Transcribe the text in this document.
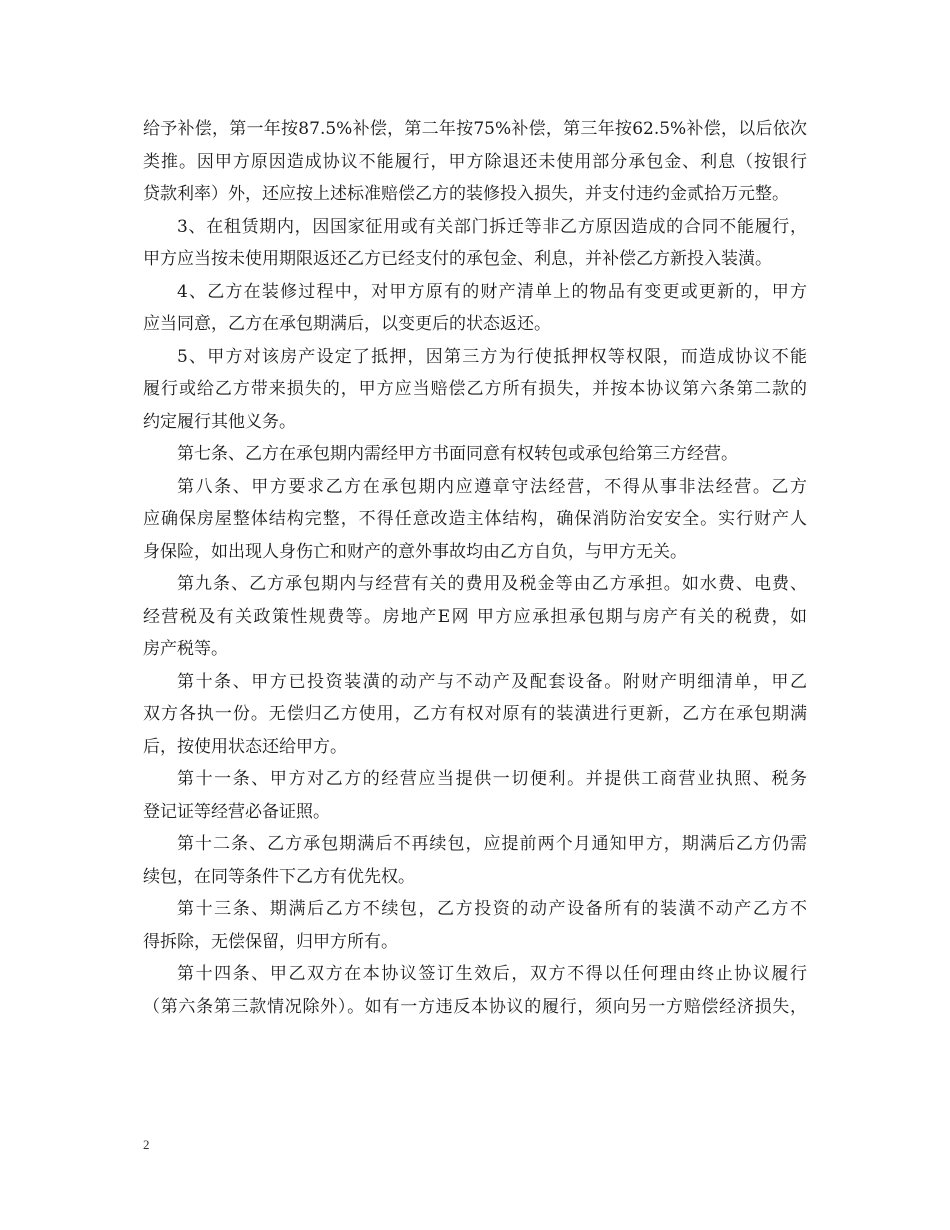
给予补偿，第一年按87.5%补偿，第二年按75%补偿，第三年按62.5%补偿，以后依次
类推。因甲方原因造成协议不能履行，甲方除退还未使用部分承包金、利息（按银行
贷款利率）外，还应按上述标准赔偿乙方的装修投入损失，并支付违约金贰拾万元整。
3、在租赁期内，因国家征用或有关部门拆迁等非乙方原因造成的合同不能履行，
甲方应当按未使用期限返还乙方已经支付的承包金、利息，并补偿乙方新投入装潢。
4、乙方在装修过程中，对甲方原有的财产清单上的物品有变更或更新的，甲方
应当同意，乙方在承包期满后，以变更后的状态返还。
5、甲方对该房产设定了抵押，因第三方为行使抵押权等权限，而造成协议不能
履行或给乙方带来损失的，甲方应当赔偿乙方所有损失，并按本协议第六条第二款的
约定履行其他义务。
第七条、乙方在承包期内需经甲方书面同意有权转包或承包给第三方经营。
第八条、甲方要求乙方在承包期内应遵章守法经营，不得从事非法经营。乙方
应确保房屋整体结构完整，不得任意改造主体结构，确保消防治安安全。实行财产人
身保险，如出现人身伤亡和财产的意外事故均由乙方自负，与甲方无关。
第九条、乙方承包期内与经营有关的费用及税金等由乙方承担。如水费、电费、
经营税及有关政策性规费等。房地产E网 甲方应承担承包期与房产有关的税费，如
房产税等。
第十条、甲方已投资装潢的动产与不动产及配套设备。附财产明细清单，甲乙
双方各执一份。无偿归乙方使用，乙方有权对原有的装潢进行更新，乙方在承包期满
后，按使用状态还给甲方。
第十一条、甲方对乙方的经营应当提供一切便利。并提供工商营业执照、税务
登记证等经营必备证照。
第十二条、乙方承包期满后不再续包，应提前两个月通知甲方，期满后乙方仍需
续包，在同等条件下乙方有优先权。
第十三条、期满后乙方不续包，乙方投资的动产设备所有的装潢不动产乙方不
得拆除，无偿保留，归甲方所有。
第十四条、甲乙双方在本协议签订生效后，双方不得以任何理由终止协议履行
（第六条第三款情况除外）。如有一方违反本协议的履行，须向另一方赔偿经济损失，
2
